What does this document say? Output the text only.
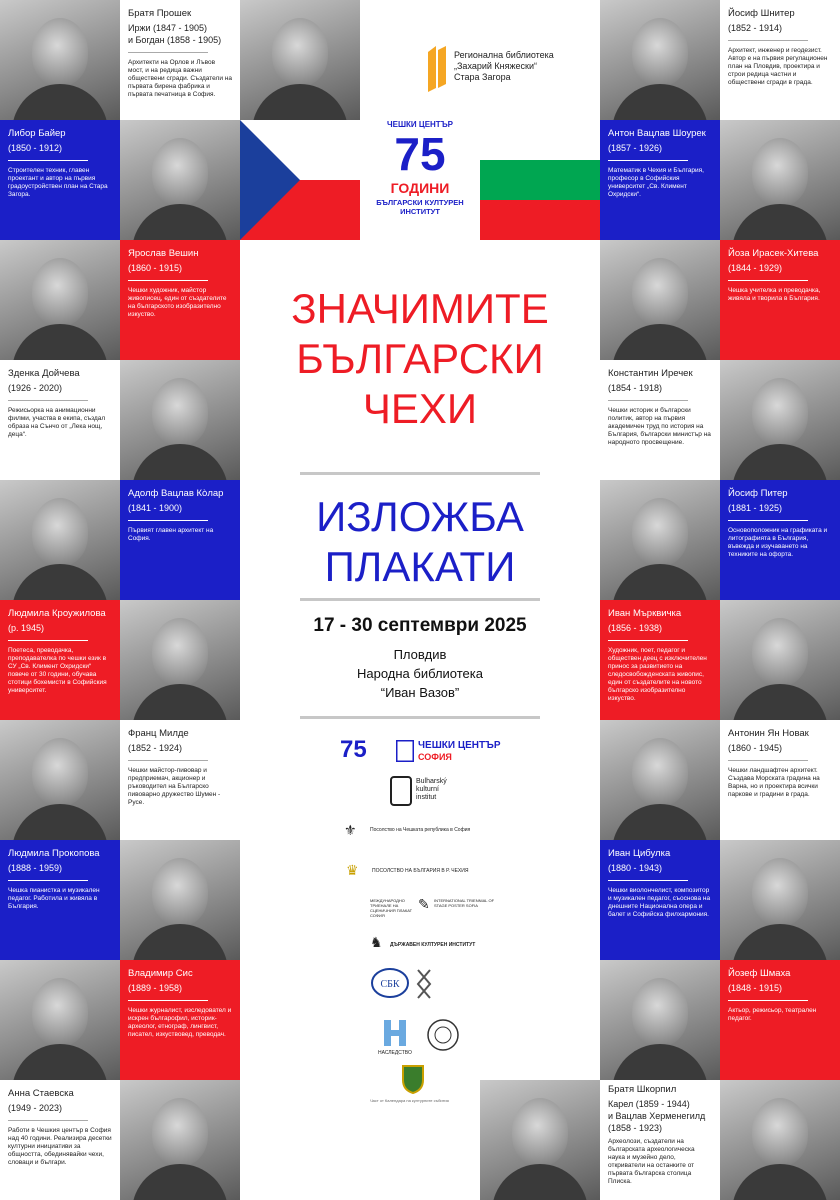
Братя Прошек
Иржи (1847 - 1905)
и Богдан (1858 - 1905)
Архитекти на Орлов и Лъвов мост, и на редица важни обществени сгради. Създатели на първата бирена фабрика и първата печатница в София.
Йосиф Шнитер
(1852 - 1914)
Архитект, инженер и геодезист. Автор е на първия регулационен план на Пловдив, проектира и строи редица частни и обществени сгради в града.
Либор Байер
(1850 - 1912)
Строителен техник, главен проектант и автор на първия градоустройствен план на Стара Загора.
Антон Вацлав Шоурек
(1857 - 1926)
Математик в Чехия и България, професор в Софийския университет „Св. Климент Охридски“.
Ярослав Вешин
(1860 - 1915)
Чешки художник, майстор живописец, един от създателите на българското изобразително изкуство.
Йоза Ирасек-Хитева
(1844 - 1929)
Чешка учителка и преводачка, живяла и творила в България.
Зденка Дойчева
(1926 - 2020)
Режисьорка на анимационни филми, участва в екипа, създал образа на Сънчо от „Лека нощ, деца“.
Константин Иречек
(1854 - 1918)
Чешки историк и български политик, автор на първия академичен труд по история на България, български министър на народното просвещение.
Адолф Вацлав Кòлар
(1841 - 1900)
Първият главен архитект на София.
Йосиф Питер
(1881 - 1925)
Основоположник на графиката и литографията в България, въвежда и изучаването на техниките на офорта.
Людмила Кроужилова
(р. 1945)
Поетеса, преводачка, преподавателка по чешки език в СУ „Св. Климент Охридски“ повече от 30 години, обучава стотици бохемисти в Софийския университет.
Иван Мърквичка
(1856 - 1938)
Художник, поет, педагог и обществен деец с изключителен принос за развитието на следосвобожденската живопис, един от създателите на новото българско изобразително изкуство.
Франц Милде
(1852 - 1924)
Чешки майстор-пивовар и предприемач, акционер и ръководител на Българско пивоварно дружество Шумен - Русе.
Антонин Ян Новак
(1860 - 1945)
Чешки ландшафтен архитект. Създава Морската градина на Варна, но и проектира всички паркове и градини в града.
Людмила Прокопова
(1888 - 1959)
Чешка пианистка и музикален педагог. Работила и живяла в България.
Иван Цибулка
(1880 - 1943)
Чешки виолончелист, композитор и музикален педагог, съоснова на днешните Национална опера и балет и Софийска филхармония.
Владимир Сис
(1889 - 1958)
Чешки журналист, изследовател и искрен българофил, историк-археолог, етнограф, лингвист, писател, изкуствовед, преводач.
Йозеф Шмаха
(1848 - 1915)
Актьор, режисьор, театрален педагог.
Анна Стаевска
(1949 - 2023)
Работи в Чешкия център в София над 40 години. Реализира десетки културни инициативи за общността, обединявайки чехи, словаци и българи.
Братя Шкорпил
Карел (1859 - 1944)
и Вацлав Херменегилд
(1858 - 1923)
Археолози, създатели на българската археологическа наука и музейно дело, откриватели на останките от първата българска столица Плиска.
Регионална библиотека
„Захарий Княжески“
Стара Загора
ЧЕШКИ ЦЕНТЪР
75
ГОДИНИ
БЪЛГАРСКИ КУЛТУРЕН
ИНСТИТУТ
ЗНАЧИМИТЕ
БЪЛГАРСКИ
ЧЕХИ
ИЗЛОЖБА
ПЛАКАТИ
17 - 30 септември 2025
Пловдив
Народна библиотека
“Иван Вазов”
75	ЧЕШКИ ЦЕНТЪР
СОФИЯ
Bulharský
kulturní
institut
⚜	Посолство на Чешката република в София
♛	ПОСОЛСТВО НА БЪЛГАРИЯ В Р. ЧЕХИЯ
МЕЖДУНАРОДНО ТРИЕНАЛЕ НА СЦЕНИЧНИЯ ПЛАКАТ СОФИЯ
✎ INTERNATIONAL TRIENNIAL OF STAGE POSTER SOFIA
♞ ДЪРЖАВЕН КУЛТУРЕН ИНСТИТУТ
СБК
НАСЛЕДСТВО
Част от Календара на културните събития
